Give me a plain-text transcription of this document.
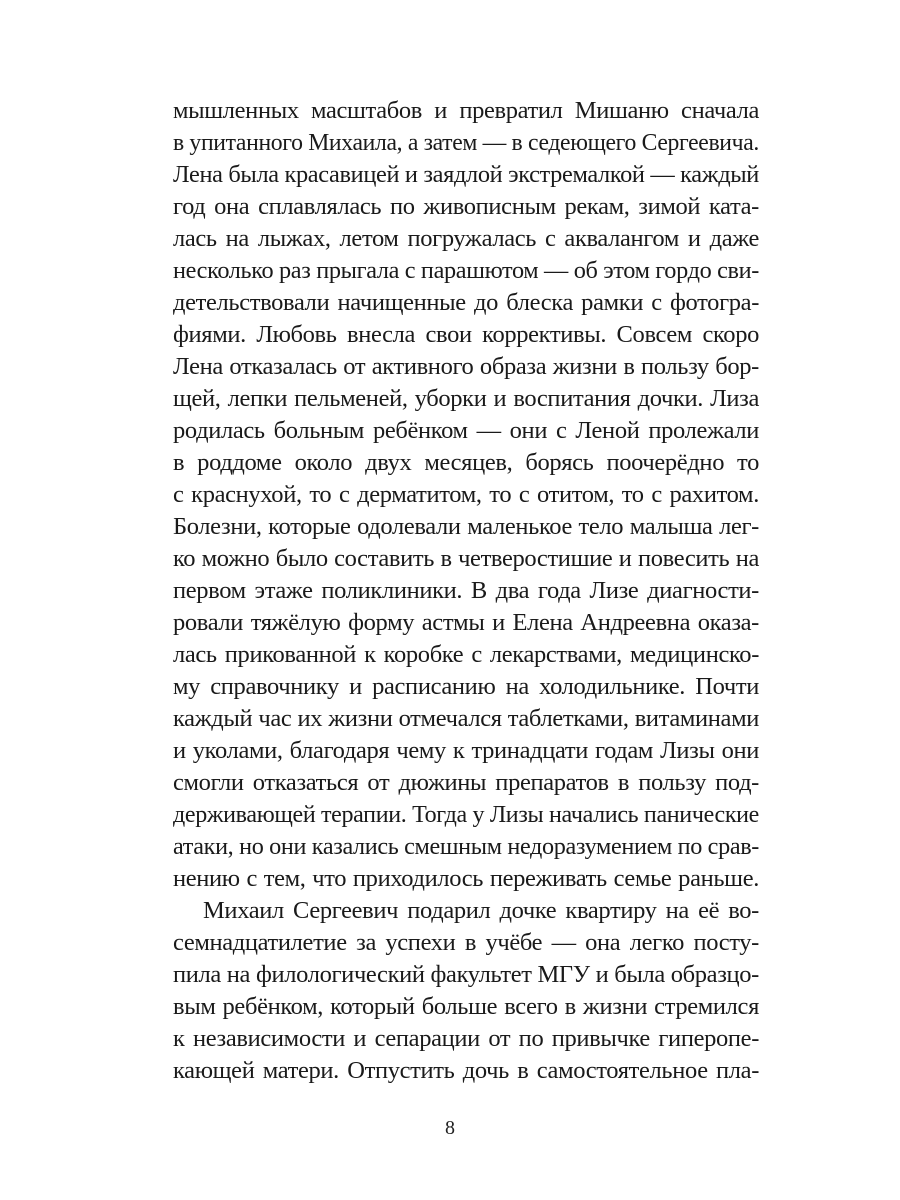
мышленных масштабов и превратил Мишаню сначала
в упитанного Михаила, а затем — в седеющего Сергеевича.
Лена была красавицей и заядлой экстремалкой — каждый
год она сплавлялась по живописным рекам, зимой ката-
лась на лыжах, летом погружалась с аквалангом и даже
несколько раз прыгала с парашютом — об этом гордо сви-
детельствовали начищенные до блеска рамки с фотогра-
фиями. Любовь внесла свои коррективы. Совсем скоро
Лена отказалась от активного образа жизни в пользу бор-
щей, лепки пельменей, уборки и воспитания дочки. Лиза
родилась больным ребёнком — они с Леной пролежали
в роддоме около двух месяцев, борясь поочерёдно то
с краснухой, то с дерматитом, то с отитом, то с рахитом.
Болезни, которые одолевали маленькое тело малыша лег-
ко можно было составить в четверостишие и повесить на
первом этаже поликлиники. В два года Лизе диагности-
ровали тяжёлую форму астмы и Елена Андреевна оказа-
лась прикованной к коробке с лекарствами, медицинско-
му справочнику и расписанию на холодильнике. Почти
каждый час их жизни отмечался таблетками, витаминами
и уколами, благодаря чему к тринадцати годам Лизы они
смогли отказаться от дюжины препаратов в пользу под-
держивающей терапии. Тогда у Лизы начались панические
атаки, но они казались смешным недоразумением по срав-
нению с тем, что приходилось переживать семье раньше.
Михаил Сергеевич подарил дочке квартиру на её во-
семнадцатилетие за успехи в учёбе — она легко посту-
пила на филологический факультет МГУ и была образцо-
вым ребёнком, который больше всего в жизни стремился
к независимости и сепарации от по привычке гиперопе-
кающей матери. Отпустить дочь в самостоятельное пла-
8
